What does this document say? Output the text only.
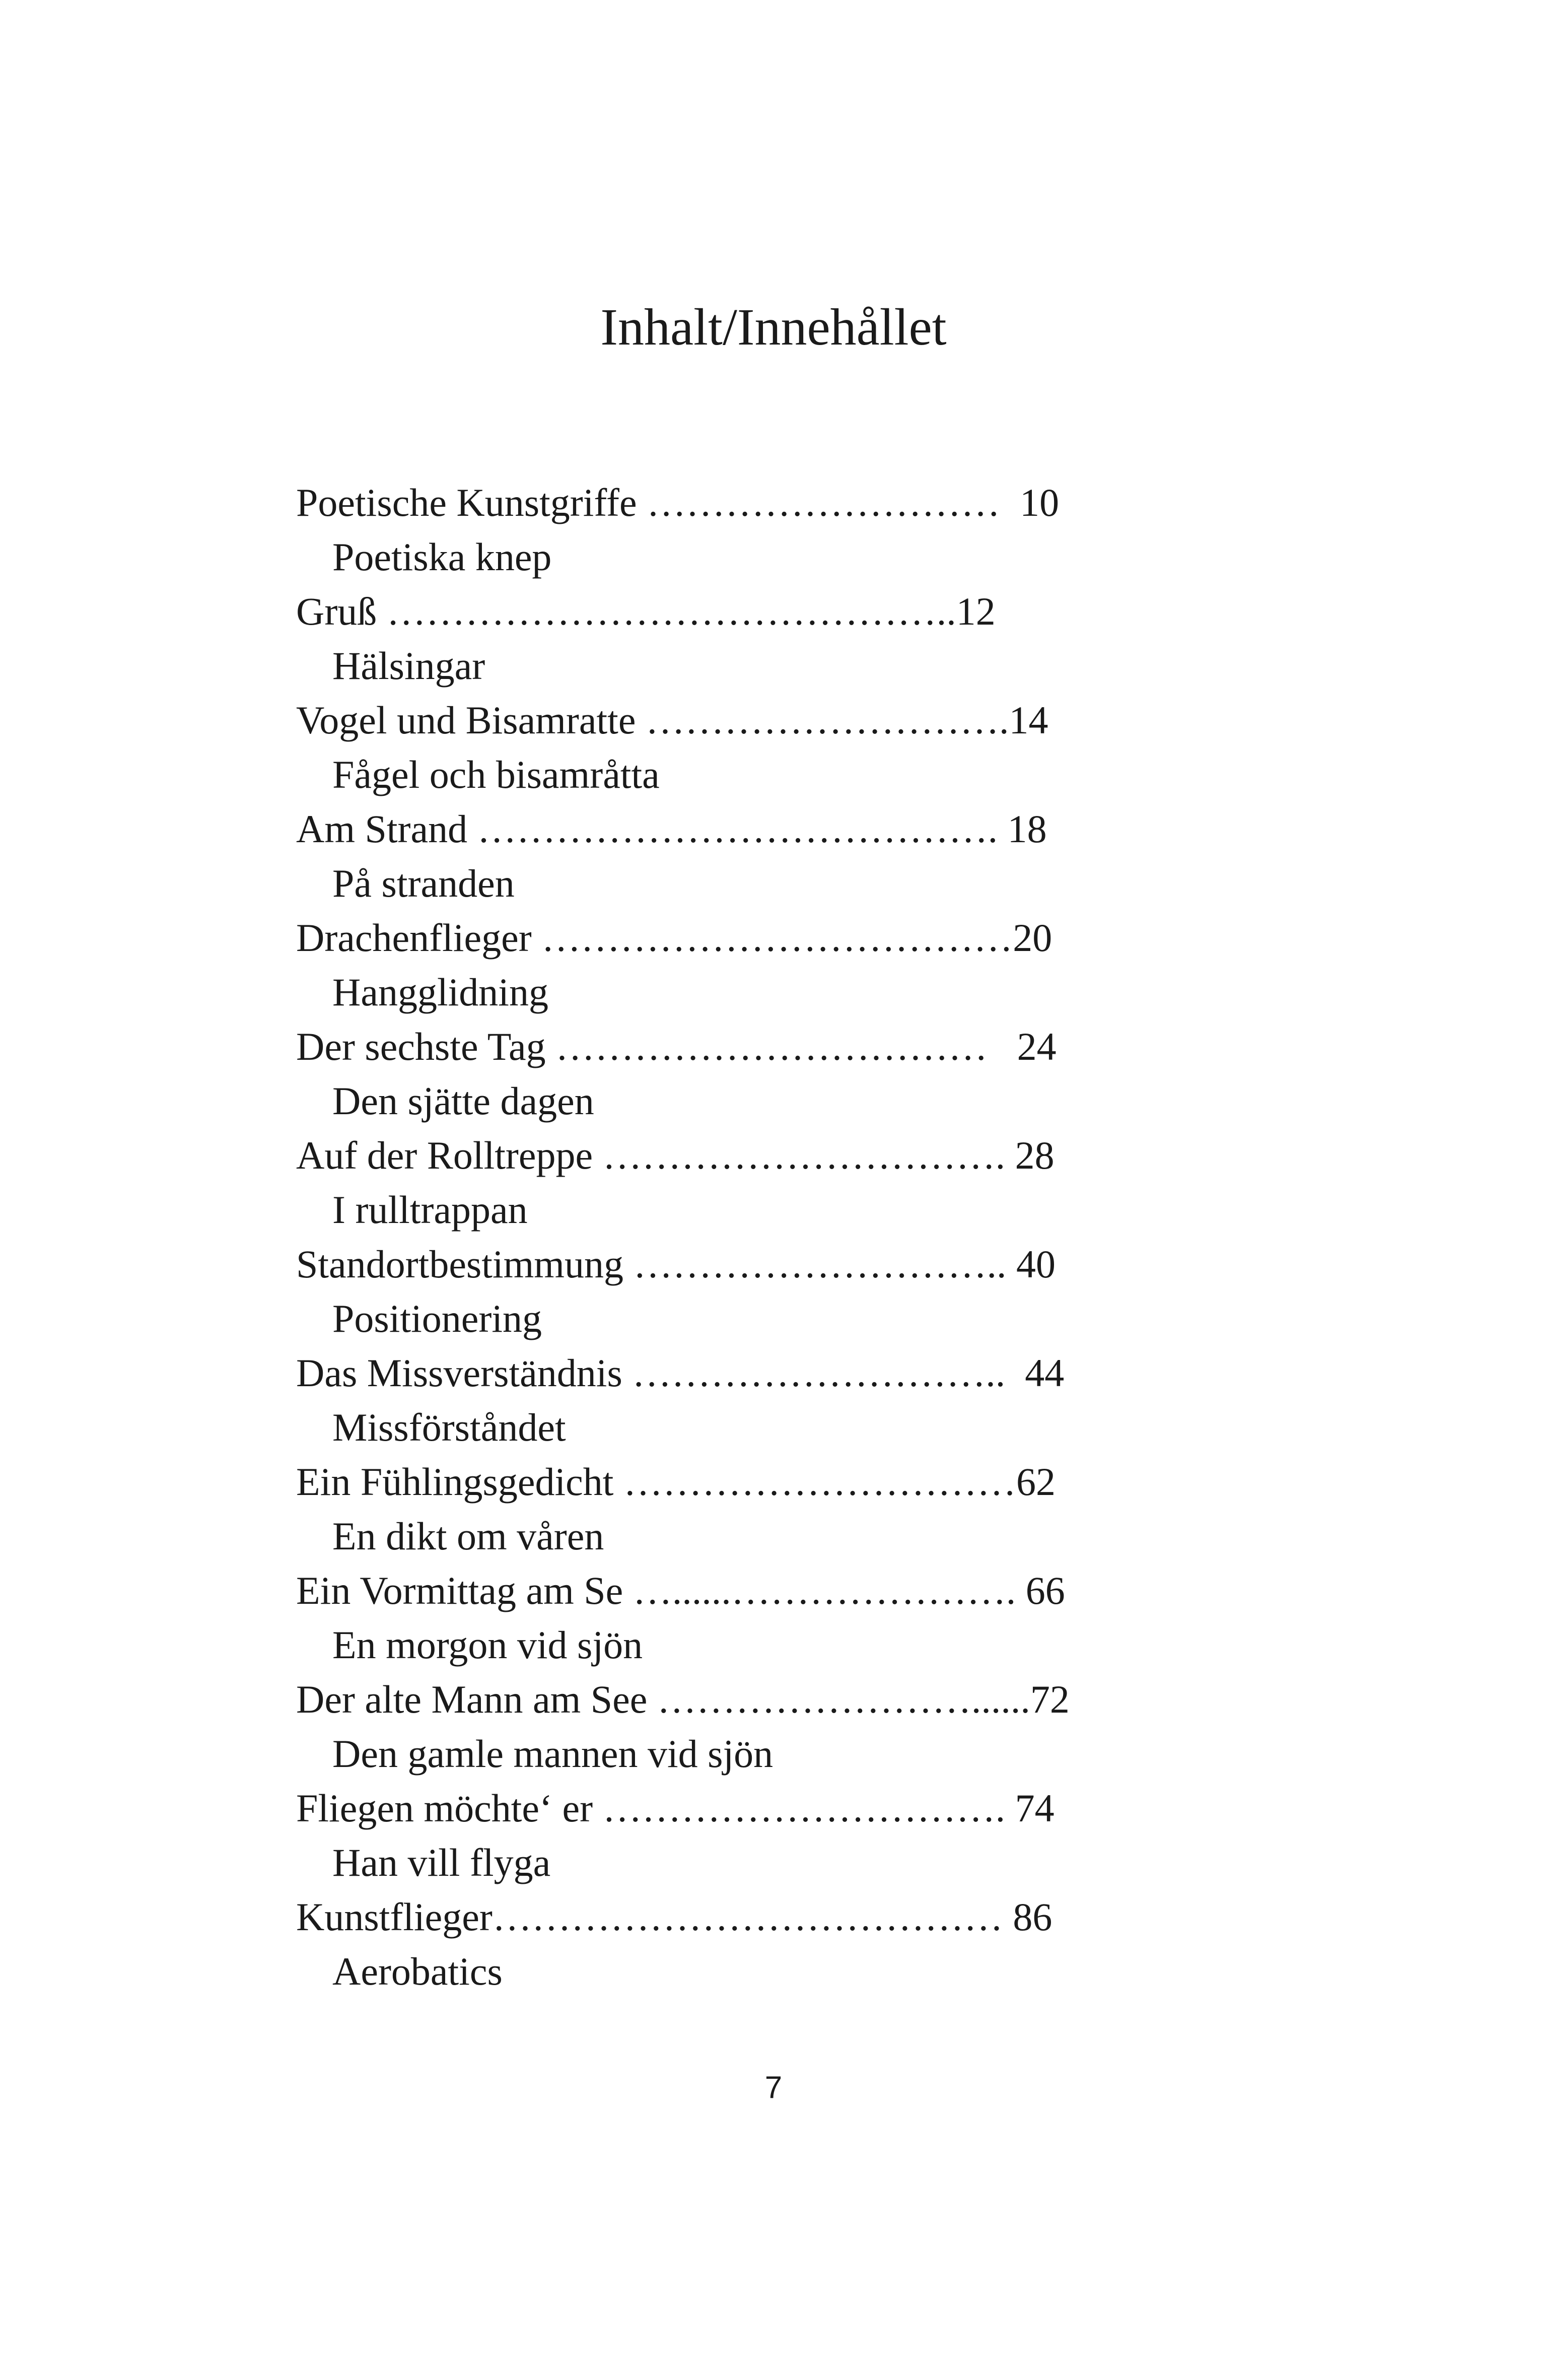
Inhalt/Innehållet
Poetische Kunstgriffe ………………………  10
Poetiska knep
Gruß ……………………………………..12
Hälsingar
Vogel und Bisamratte ……………………….14
Fågel och bisamråtta
Am Strand …………………………………. 18
På stranden
Drachenflieger ………………………………20
Hangglidning
Der sechste Tag ……………………………   24
Den sjätte dagen
Auf der Rolltreppe …………………………. 28
I rulltrappan
Standortbestimmung ……………………….. 40
Positionering
Das Missverständnis ………………………..  44
Missförståndet
Ein Fühlingsgedicht …………………………62
En dikt om våren
Ein Vormittag am Se …......…………………. 66
En morgon vid sjön
Der alte Mann am See ……………………......72
Den gamle mannen vid sjön
Fliegen möchte‘ er …………………………. 74
Han vill flyga
Kunstflieger………………………………… 86
Aerobatics
7
